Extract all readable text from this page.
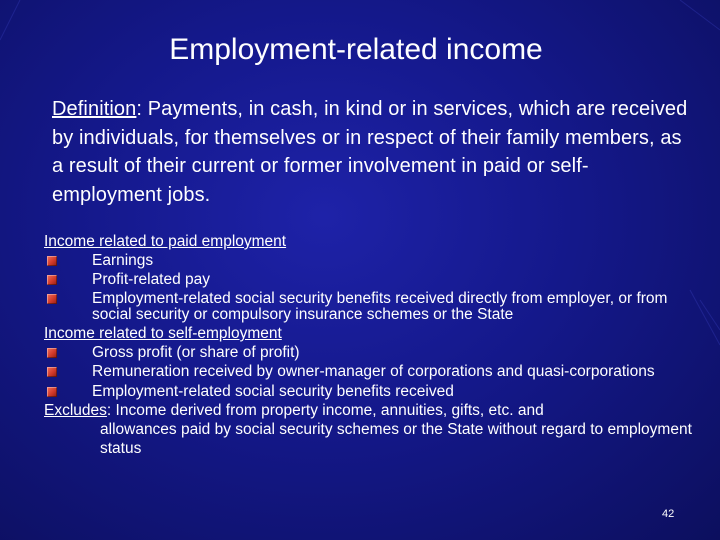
Employment-related income
Definition: Payments, in cash, in kind or in services, which are received by individuals, for themselves or in respect of their family members, as a result of their current or former involvement in paid or self-employment jobs.
Income related to paid employment
Earnings
Profit-related pay
Employment-related social security benefits received directly from employer, or from social security or compulsory insurance schemes or the State
Income related to self-employment
Gross profit (or share of profit)
Remuneration received by owner-manager of corporations and quasi-corporations
Employment-related social security benefits received
Excludes: Income derived from property income, annuities, gifts, etc. and
allowances paid by social security schemes or the State without regard to employment status
42
